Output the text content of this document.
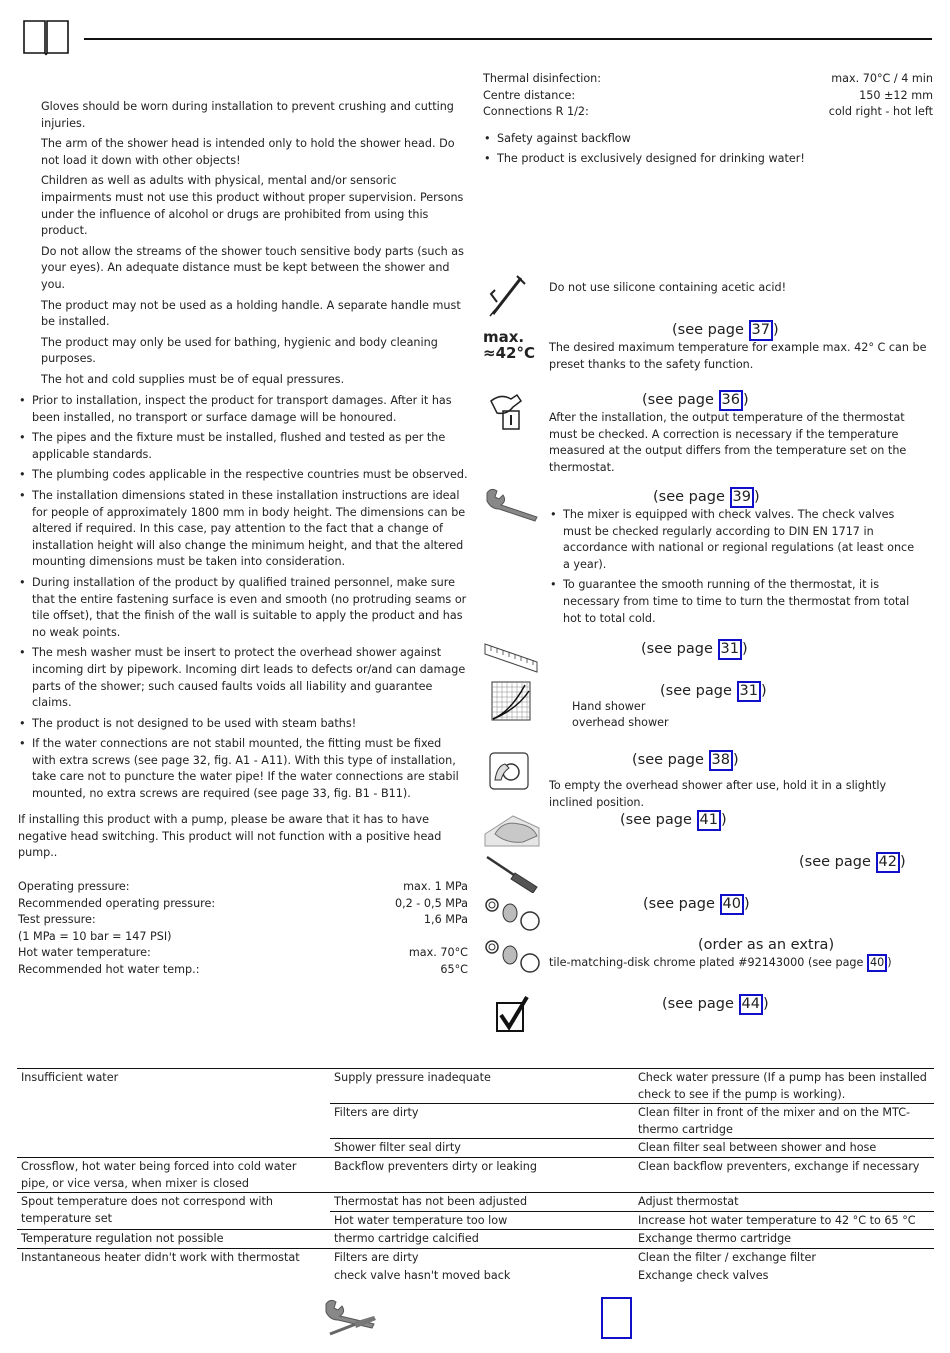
Gloves should be worn during installation to prevent crushing and cutting injuries.

The arm of the shower head is intended only to hold the shower head. Do not load it down with other objects!

Children as well as adults with physical, mental and/or sensoric impairments must not use this product without proper supervision. Persons under the influence of alcohol or drugs are prohibited from using this product.

Do not allow the streams of the shower touch sensitive body parts (such as your eyes). An adequate distance must be kept between the shower and you.

The product may not be used as a holding handle. A separate handle must be installed.

The product may only be used for bathing, hygienic and body cleaning purposes.

The hot and cold supplies must be of equal pressures.

• Prior to installation, inspect the product for transport damages. After it has been installed, no transport or surface damage will be honoured.
• The pipes and the fixture must be installed, flushed and tested as per the applicable standards.
• The plumbing codes applicable in the respective countries must be observed.
• The installation dimensions stated in these installation instructions are ideal for people of approximately 1800 mm in body height. The dimensions can be altered if required. In this case, pay attention to the fact that a change of installation height will also change the minimum height, and that the altered mounting dimensions must be taken into consideration.
• During installation of the product by qualified trained personnel, make sure that the entire fastening surface is even and smooth (no protruding seams or tile offset), that the finish of the wall is suitable to apply the product and has no weak points.
• The mesh washer must be insert to protect the overhead shower against incoming dirt by pipework. Incoming dirt leads to defects or/and can damage parts of the shower; such caused faults voids all liability and guarantee claims.
• The product is not designed to be used with steam baths!
• If the water connections are not stabil mounted, the fitting must be fixed with extra screws (see page 32, fig. A1 - A11). With this type of installation, take care not to puncture the water pipe! If the water connections are stabil mounted, no extra screws are required (see page 33, fig. B1 - B11).
If installing this product with a pump, please be aware that it has to have negative head switching. This product will not function with a positive head pump..
Operating pressure:	max. 1 MPa
Recommended operating pressure:	0,2 - 0,5 MPa
Test pressure:	1,6 MPa
(1 MPa = 10 bar = 147 PSI)
Hot water temperature:	max. 70°C
Recommended hot water temp.:	65°C
Thermal disinfection:	max. 70°C / 4 min
Centre distance:	150 ±12 mm
Connections R 1/2:	cold right - hot left
• Safety against backflow
• The product is exclusively designed for drinking water!
Do not use silicone containing acetic acid!
max.
≈42°C
(see page 37 )
The desired maximum temperature for example max. 42° C can be preset thanks to the safety function.
(see page 36 )
After the installation, the output temperature of the thermostat must be checked. A correction is necessary if the temperature measured at the output differs from the temperature set on the thermostat.
(see page 39 )
• The mixer is equipped with check valves. The check valves must be checked regularly according to DIN EN 1717 in accordance with national or regional regulations (at least once a year).
• To guarantee the smooth running of the thermostat, it is necessary from time to time to turn the thermostat from total hot to total cold.
(see page 31 )
(see page 31 )
Hand shower
overhead shower
(see page 38 )
To empty the overhead shower after use, hold it in a slightly inclined position.
(see page 41 )
(see page 42 )
(see page 40 )
(order as an extra)
tile-matching-disk chrome plated #92143000 (see page 40 )
(see page 44 )
Insufficient water	Supply pressure inadequate	Check water pressure (If a pump has been installed check to see if the pump is working).
	Filters are dirty	Clean filter in front of the mixer and on the MTC-thermo cartridge
	Shower filter seal dirty	Clean filter seal between shower and hose
Crossflow, hot water being forced into cold water pipe, or vice versa, when mixer is closed	Backflow preventers dirty or leaking	Clean backflow preventers, exchange if necessary
Spout temperature does not correspond with temperature set	Thermostat has not been adjusted	Adjust thermostat
	Hot water temperature too low	Increase hot water temperature to 42 °C to 65 °C
Temperature regulation not possible	thermo cartridge calcified	Exchange thermo cartridge
Instantaneous heater didn't work with thermostat	Filters are dirty	Clean the filter / exchange filter
	check valve hasn't moved back	Exchange check valves
